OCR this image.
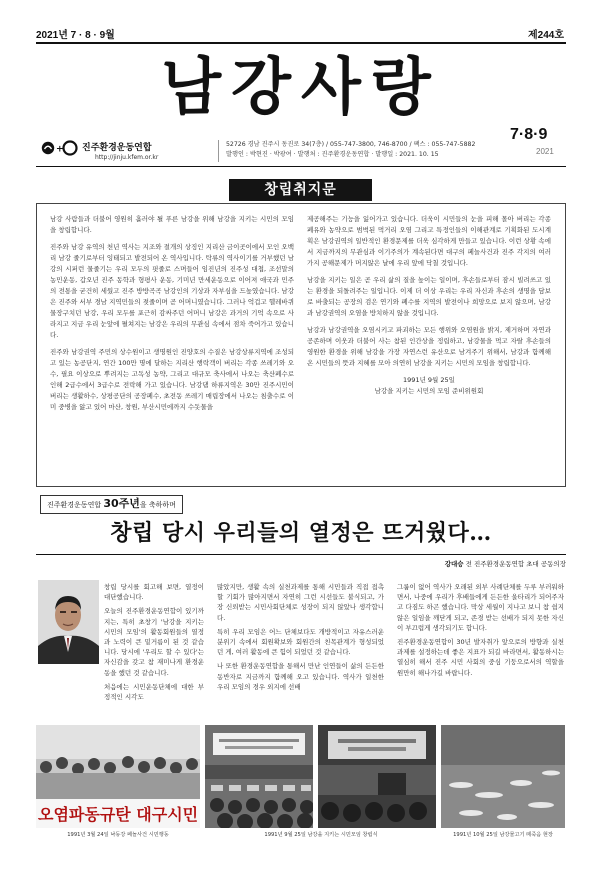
2021년 7 · 8 · 9월	제244호
남강사랑
+ 진주환경운동연합
http://jinju.kfem.or.kr
52726 경남 진주시 동진로 34(7층) / 055-747-3800, 746-8700 / 팩스 : 055-747-5882
발행인 : 박현진 · 박광여 · 발행처 : 진주환경운동연합 · 발행일 : 2021. 10. 15
7·8·9
2021
창립취지문

남강 사람들과 더불어 영원히 흘러야 될 푸른 남강을 위해 남강을 지키는 시민의 모임을 창립합니다.

진주와 남강 유역의 천년 역사는 지조와 절개의 상징인 지리산 금이곳이에서 모인 오백리 남강 줄기로부터 잉태되고 발전되어 온 역사입니다. 탁류의 역사이기를 거부했던 남강의 시퍼런 물줄기는 우리 모두의 핏줄로 스며들어 임진년의 진주성 대첩, 조선말의 농민운동, 갑오년 진주 동학과 형평사 운동, 기미년 만세운동으로 이어져 애국과 민주의 전통을 굳건히 세웠고 진주 방방곡곡 남강인의 기상과 자부심을 드높였습니다. 남강은 진주와 서부 경남 지역민들의 젖줄이며 곧 어머니였습니다. 그러나 억겁고 헬레바퀴 물장구치던 남강, 우리 모두를 포근히 감싸주던 어머니 남강은 과거의 기억 속으로 사라지고 지금 우리 눈앞에 펼쳐지는 남강은 우리의 무관심 속에서 점차 죽어가고 있습니다.

진주와 남강권역 주민의 상수원이고 생명원인 진양호의 수질은 남강상류지역에 조성되고 있는 농공단지, 연간 100만 명에 달하는 지리산 행락객이 버리는 각종 쓰레기와 오수, 필요 이상으로 뿌려지는 고독성 농약, 그리고 대규모 축사에서 나오는 축산폐수로 인해 2급수에서 3급수로 전락해 가고 있습니다. 남강댐 하류지역은 30만 진주시민이 버리는 생활하수, 상평공단의 공장폐수, 초전동 쓰레기 매립장에서 나오는 침출수로 이미 중병을 앓고 있어 마산, 창원, 부산시민에까지 수돗물을

제공해주는 기능을 잃어가고 있습니다. 더욱이 시민들의 눈을 피해 몰아 버리는 각종 폐유와 농약으로 범벅된 먹거리 오염 그리고 특정인들의 이해관계로 기획화된 도시계획은 남강권역의 일반적인 환경문제를 더욱 심각하게 만들고 있습니다. 이런 상황 속에서 지금까지의 무관심과 이기주의가 계속된다면 대구의 페놀사건과 진주 각지의 여러 가지 공해문제가 머지않은 날에 우리 앞에 닥칠 것입니다.

남강을 지키는 일은 곧 우리 삶의 질을 높이는 일이며, 후손들로부터 잠시 빌려쓰고 있는 환경을 되돌려주는 일입니다. 이제 더 이상 우리는 우리 자신과 후손의 생명을 담보로 바출되는 공장의 검은 연기와 폐수를 지역의 발전이나 희망으로 보지 않으며, 남강과 남강권역의 오염을 방치하지 않을 것입니다.

남강과 남강권역을 오염시키고 파괴하는 모든 행위와 오염원을 밝지, 제거하며 자연과 공존하며 이웃과 더불어 사는 참된 인간상을 정립하고, 남강물을 먹고 자랄 후손들의 영원한 환경을 위해 남강을 가장 자연스런 유산으로 남겨주기 위해서, 남강과 함께해 온 시민들의 뜻과 지혜를 모아 의연히 남강을 지키는 시민의 모임을 창립합니다.

1991년 9월 25일
남강을 지키는 시민의 모임 준비위원회
진주환경운동연합 30주년을 축하하며
창립 당시 우리들의 열정은 뜨거웠다…
강대승 전 진주환경운동연합 초대 공동의장

창립 당시를 회고해 보면, 열정이 대단했습니다.

오늘의 진주환경운동연합이 있기까지는, 특히 초창기 '남강을 지키는 시민의 모임'의 활동회원들의 열정과 노력이 큰 밑거름이 된 것 같습니다. 당시에 '우리도 할 수 있다'는 자신감을 갖고 참 재미나게 환경운동을 했던 것 같습니다.

처음에는 시민운동단체에 대한 부정적인 시각도

많았지만, 생활 속의 실천과제를 통해 시민들과 직접 접촉할 기회가 많아지면서 자연히 그런 시선들도 불식되고, 가장 신뢰받는 시민사회단체로 성장이 되지 않았나 생각합니다.

특히 우리 모임은 어느 단체보다도 개방적이고 자유스러운 분위기 속에서 회원확보와 회원간의 친목관계가 형성되었던 게, 여러 활동에 큰 힘이 되었던 것 같습니다.

나 또한 환경운동연합을 통해서 만난 인연들이 삶의 든든한 동반자로 지금까지 함께해 오고 있습니다. 역사가 일천한 우리 모임의 경우 외지에 선배

그룹이 없어 역사가 오래된 외부 사례단체를 두루 부러워하면서, 나중에 우리가 후배들에게 든든한 울타리가 되어주자고 다짐도 하곤 했습니다. 막상 세월이 지나고 보니 참 쉽지 않은 일임을 깨닫게 되고, 존경 받는 선배가 되지 못한 자신이 부끄럽게 생각되기도 합니다.

진주환경운동연합이 30년 발자취가 앞으로의 방향과 실천과제를 설정하는데 좋은 지표가 되길 바라면서, 활동하시는 열심히 해서 진주 시민 사회의 중심 기둥으로서의 역할을 원만히 해나가길 바랍니다.

오염파동규탄 대구시민
1991년 3월 24일 낙동강 페놀사건 시민행동	1991년 9월 25일 남강을 지키는 시민모임 창립식	1991년 10월 25일 남강물고기 떼죽음 현장
